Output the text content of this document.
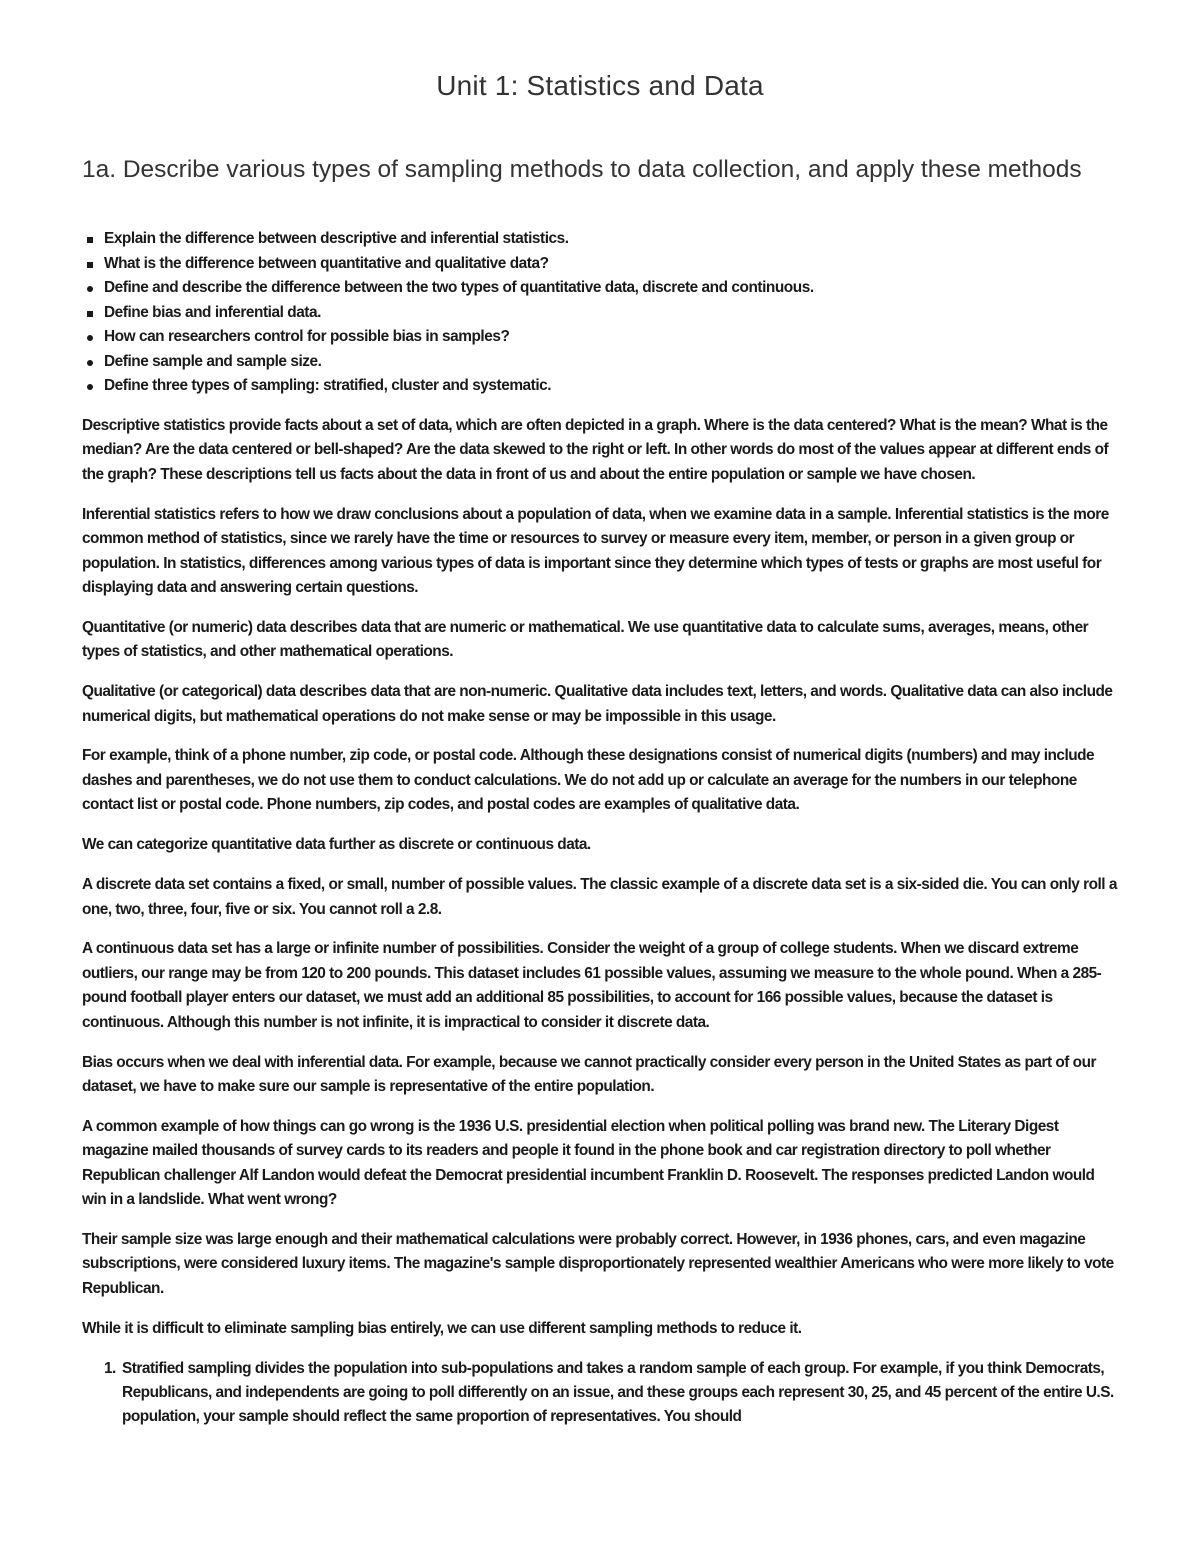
Unit 1: Statistics and Data
1a. Describe various types of sampling methods to data collection, and apply these methods
Explain the difference between descriptive and inferential statistics.
What is the difference between quantitative and qualitative data?
Define and describe the difference between the two types of quantitative data, discrete and continuous.
Define bias and inferential data.
How can researchers control for possible bias in samples?
Define sample and sample size.
Define three types of sampling: stratified, cluster and systematic.

Descriptive statistics provide facts about a set of data, which are often depicted in a graph. Where is the data centered? What is the mean? What is the median? Are the data centered or bell-shaped? Are the data skewed to the right or left. In other words do most of the values appear at different ends of the graph? These descriptions tell us facts about the data in front of us and about the entire population or sample we have chosen.

Inferential statistics refers to how we draw conclusions about a population of data, when we examine data in a sample. Inferential statistics is the more common method of statistics, since we rarely have the time or resources to survey or measure every item, member, or person in a given group or population. In statistics, differences among various types of data is important since they determine which types of tests or graphs are most useful for displaying data and answering certain questions.

Quantitative (or numeric) data describes data that are numeric or mathematical. We use quantitative data to calculate sums, averages, means, other types of statistics, and other mathematical operations.

Qualitative (or categorical) data describes data that are non-numeric. Qualitative data includes text, letters, and words. Qualitative data can also include numerical digits, but mathematical operations do not make sense or may be impossible in this usage.

For example, think of a phone number, zip code, or postal code. Although these designations consist of numerical digits (numbers) and may include dashes and parentheses, we do not use them to conduct calculations. We do not add up or calculate an average for the numbers in our telephone contact list or postal code. Phone numbers, zip codes, and postal codes are examples of qualitative data.

We can categorize quantitative data further as discrete or continuous data.

A discrete data set contains a fixed, or small, number of possible values. The classic example of a discrete data set is a six-sided die. You can only roll a one, two, three, four, five or six. You cannot roll a 2.8.

A continuous data set has a large or infinite number of possibilities. Consider the weight of a group of college students. When we discard extreme outliers, our range may be from 120 to 200 pounds. This dataset includes 61 possible values, assuming we measure to the whole pound. When a 285-pound football player enters our dataset, we must add an additional 85 possibilities, to account for 166 possible values, because the dataset is continuous. Although this number is not infinite, it is impractical to consider it discrete data.

Bias occurs when we deal with inferential data. For example, because we cannot practically consider every person in the United States as part of our dataset, we have to make sure our sample is representative of the entire population.

A common example of how things can go wrong is the 1936 U.S. presidential election when political polling was brand new. The Literary Digest magazine mailed thousands of survey cards to its readers and people it found in the phone book and car registration directory to poll whether Republican challenger Alf Landon would defeat the Democrat presidential incumbent Franklin D. Roosevelt. The responses predicted Landon would win in a landslide. What went wrong?

Their sample size was large enough and their mathematical calculations were probably correct. However, in 1936 phones, cars, and even magazine subscriptions, were considered luxury items. The magazine's sample disproportionately represented wealthier Americans who were more likely to vote Republican.

While it is difficult to eliminate sampling bias entirely, we can use different sampling methods to reduce it.

1. Stratified sampling divides the population into sub-populations and takes a random sample of each group. For example, if you think Democrats, Republicans, and independents are going to poll differently on an issue, and these groups each represent 30, 25, and 45 percent of the entire U.S. population, your sample should reflect the same proportion of representatives. You should
